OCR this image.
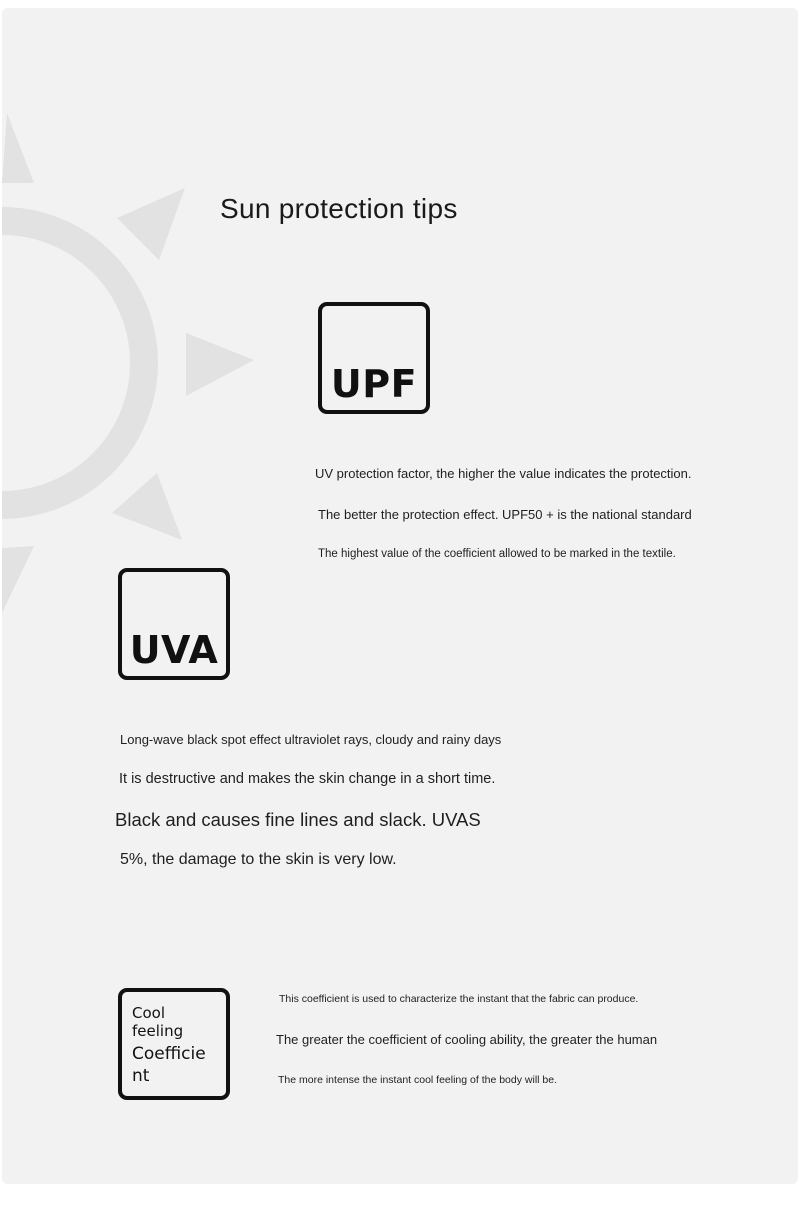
Sun protection tips
UPF
UV protection factor, the higher the value indicates the protection.
The better the protection effect. UPF50 + is the national standard
The highest value of the coefficient allowed to be marked in the textile.
UVA
Long-wave black spot effect ultraviolet rays, cloudy and rainy days
It is destructive and makes the skin change in a short time.
Black and causes fine lines and slack. UVAS
5%, the damage to the skin is very low.
Cool
feeling
Coefficie
nt
This coefficient is used to characterize the instant that the fabric can produce.
The greater the coefficient of cooling ability, the greater the human
The more intense the instant cool feeling of the body will be.
